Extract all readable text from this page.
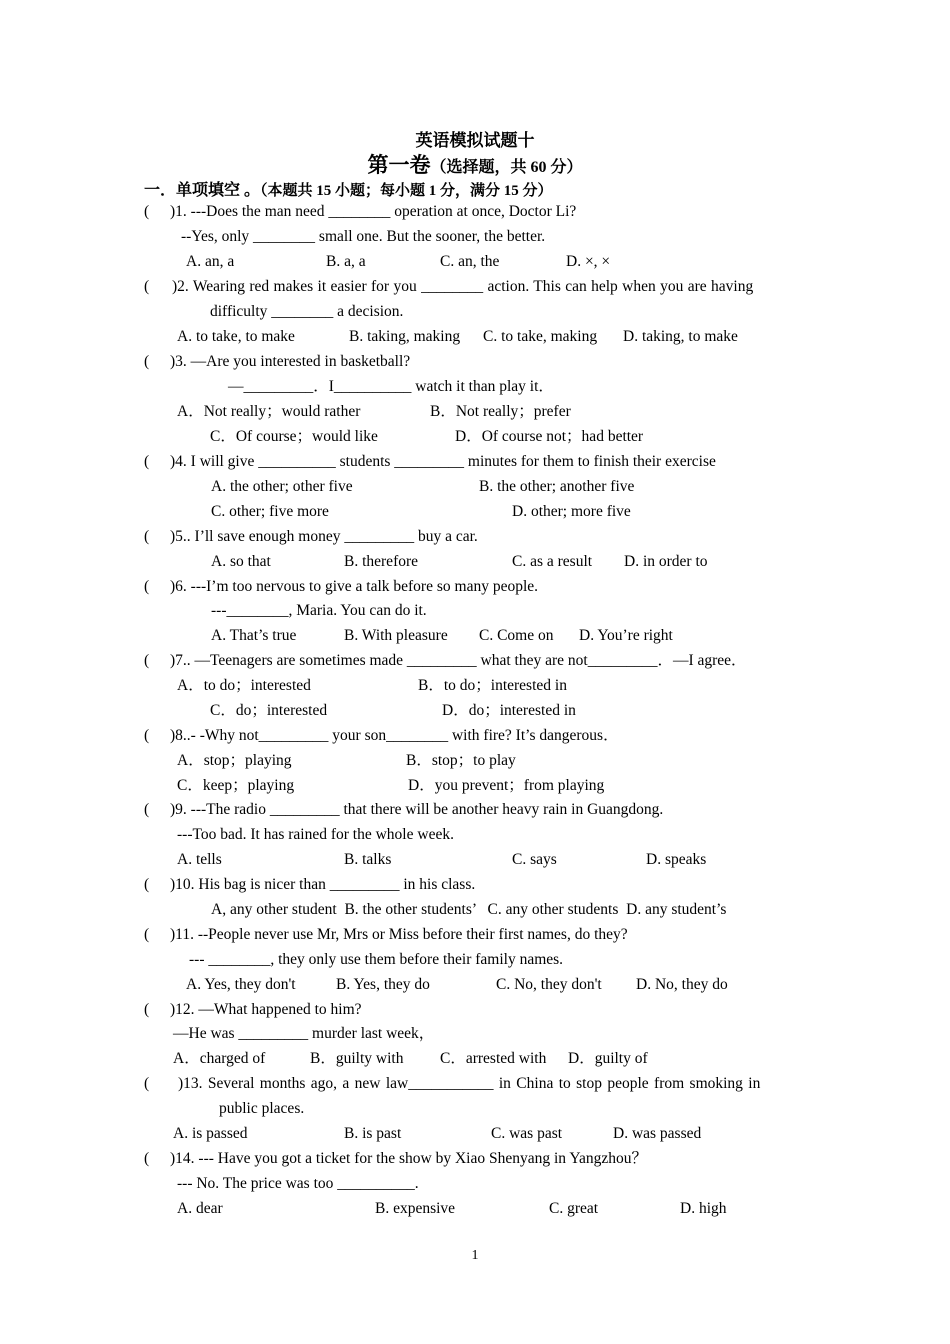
英语模拟试题十
第一卷（选择题，共 60 分）
一．单项填空 。（本题共 15 小题；每小题 1 分，满分 15 分）
( )1. ---Does the man need ________ operation at once, Doctor Li?
--Yes, only ________ small one. But the sooner, the better.
A. an, a	B. a, a	C. an, the	D. ×, ×
( )2. Wearing red makes it easier for you ________ action. This can help when you are having
difficulty ________ a decision.
A. to take, to make	B. taking, making C. to take, making D. taking, to make
( )3. —Are you interested in basketball?
—_________．I__________ watch it than play it．
A．Not really；would rather	B．Not really；prefer
C．Of course；would like	D．Of course not；had better
( )4. I will give __________ students _________ minutes for them to finish their exercise
A. the other; other five	B. the other; another five
C. other; five more	D. other; more five
( )5.. I’ll save enough money _________ buy a car.
A. so that	B. therefore	C. as a result D. in order to
( )6. ---I’m too nervous to give a talk before so many people.
---________, Maria. You can do it.
A. That’s true	B. With pleasure C. Come on D. You’re right
( )7.. —Teenagers are sometimes made _________ what they are not_________．—I agree．
A．to do；interested	B．to do；interested in
C．do；interested	D．do；interested in
( )8..- -Why not_________ your son________ with fire? It’s dangerous．
A．stop；playing	B．stop；to play
C．keep；playing	D．you prevent；from playing
( )9. ---The radio _________ that there will be another heavy rain in Guangdong.
---Too bad. It has rained for the whole week.
A. tells	B. talks	C. says	D. speaks
( )10. His bag is nicer than _________ in his class.
A, any other student  B. the other students’   C. any other students  D. any student’s
( )11. --People never use Mr, Mrs or Miss before their first names, do they?
--- ________, they only use them before their family names.
A. Yes, they don't	B. Yes, they do	C. No, they don't D. No, they do
( )12. —What happened to him?
—He was _________ murder last week，
A．charged of	B．guilty with C．arrested with D．guilty of
( )13. Several months ago, a new law___________ in China to stop people from smoking in
public places.
A. is passed	B. is past	C. was past	D. was passed
( )14. --- Have you got a ticket for the show by Xiao Shenyang in Yangzhou？
--- No. The price was too __________.
A. dear	B. expensive	C. great	D. high
1
